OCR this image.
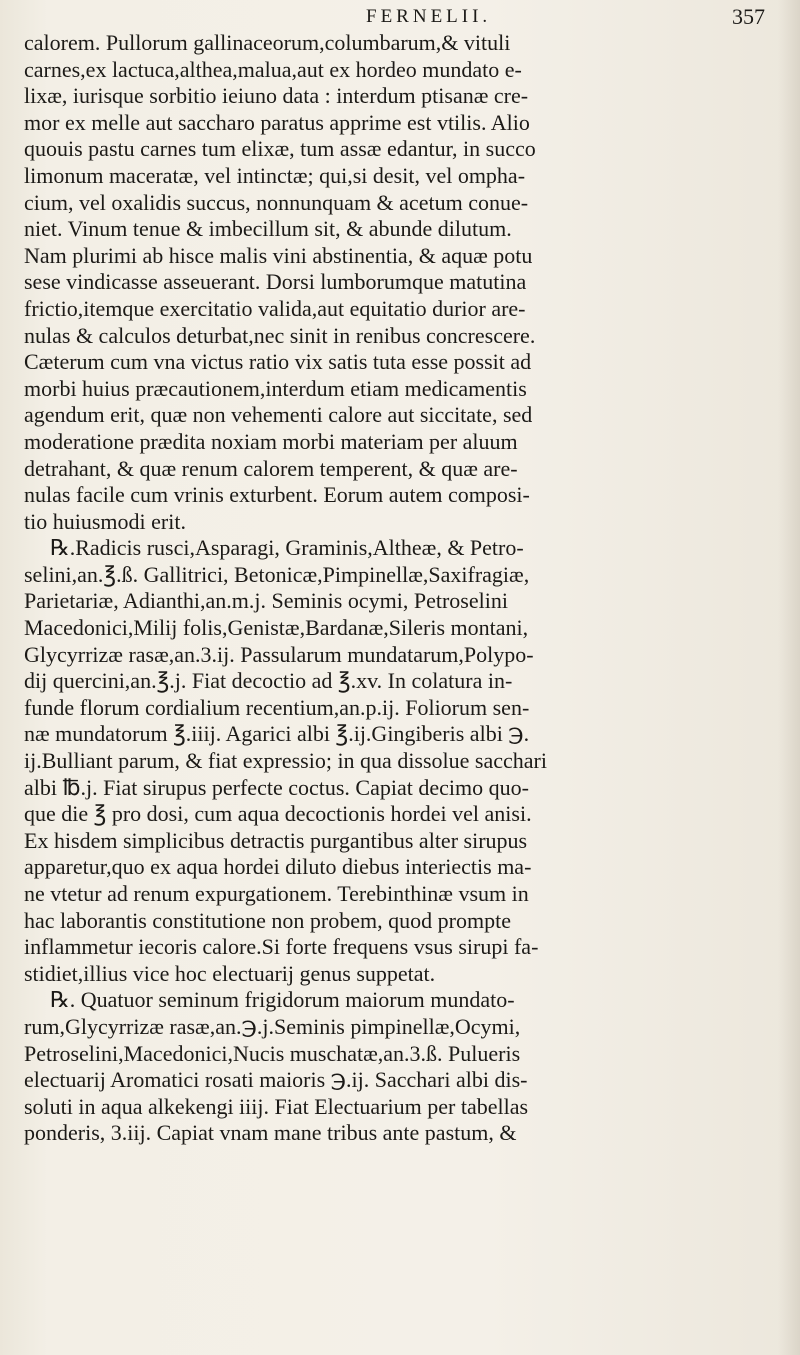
FERNELII.	357
calorem. Pullorum gallinaceorum,columbarum,& vituli
carnes,ex lactuca,althea,malua,aut ex hordeo mundato e-
lixæ, iurisque sorbitio ieiuno data : interdum ptisanæ cre-
mor ex melle aut saccharo paratus apprime est vtilis. Alio
quouis pastu carnes tum elixæ, tum assæ edantur, in succo
limonum maceratæ, vel intinctæ; qui,si desit, vel ompha-
cium, vel oxalidis succus, nonnunquam & acetum conue-
niet. Vinum tenue & imbecillum sit, & abunde dilutum.
Nam plurimi ab hisce malis vini abstinentia, & aquæ potu
sese vindicasse asseuerant. Dorsi lumborumque matutina
frictio,itemque exercitatio valida,aut equitatio durior are-
nulas & calculos deturbat,nec sinit in renibus concrescere.
Cæterum cum vna victus ratio vix satis tuta esse possit ad
morbi huius præcautionem,interdum etiam medicamentis
agendum erit, quæ non vehementi calore aut siccitate, sed
moderatione prædita noxiam morbi materiam per aluum
detrahant, & quæ renum calorem temperent, & quæ are-
nulas facile cum vrinis exturbent. Eorum autem composi-
tio huiusmodi erit.
℞.Radicis rusci,Asparagi, Graminis,Altheæ, & Petro-
selini,an.℥.ß. Gallitrici, Betonicæ,Pimpinellæ,Saxifragiæ,
Parietariæ, Adianthi,an.m.j. Seminis ocymi, Petroselini
Macedonici,Milij folis,Genistæ,Bardanæ,Sileris montani,
Glycyrrizæ rasæ,an.3.ij. Passularum mundatarum,Polypo-
dij quercini,an.℥.j. Fiat decoctio ad ℥.xv. In colatura in-
funde florum cordialium recentium,an.p.ij. Foliorum sen-
næ mundatorum ℥.iiij. Agarici albi ℥.ij.Gingiberis albi ℈.
ij.Bulliant parum, & fiat expressio; in qua dissolue sacchari
albi ℔.j. Fiat sirupus perfecte coctus. Capiat decimo quo-
que die ℥ pro dosi, cum aqua decoctionis hordei vel anisi.
Ex hisdem simplicibus detractis purgantibus alter sirupus
apparetur,quo ex aqua hordei diluto diebus interiectis ma-
ne vtetur ad renum expurgationem. Terebinthinæ vsum in
hac laborantis constitutione non probem, quod prompte
inflammetur iecoris calore.Si forte frequens vsus sirupi fa-
stidiet,illius vice hoc electuarij genus suppetat.
℞. Quatuor seminum frigidorum maiorum mundato-
rum,Glycyrrizæ rasæ,an.℈.j.Seminis pimpinellæ,Ocymi,
Petroselini,Macedonici,Nucis muschatæ,an.3.ß. Pulueris
electuarij Aromatici rosati maioris ℈.ij. Sacchari albi dis-
soluti in aqua alkekengi iiij. Fiat Electuarium per tabellas
ponderis, 3.iij. Capiat vnam mane tribus ante pastum, &
